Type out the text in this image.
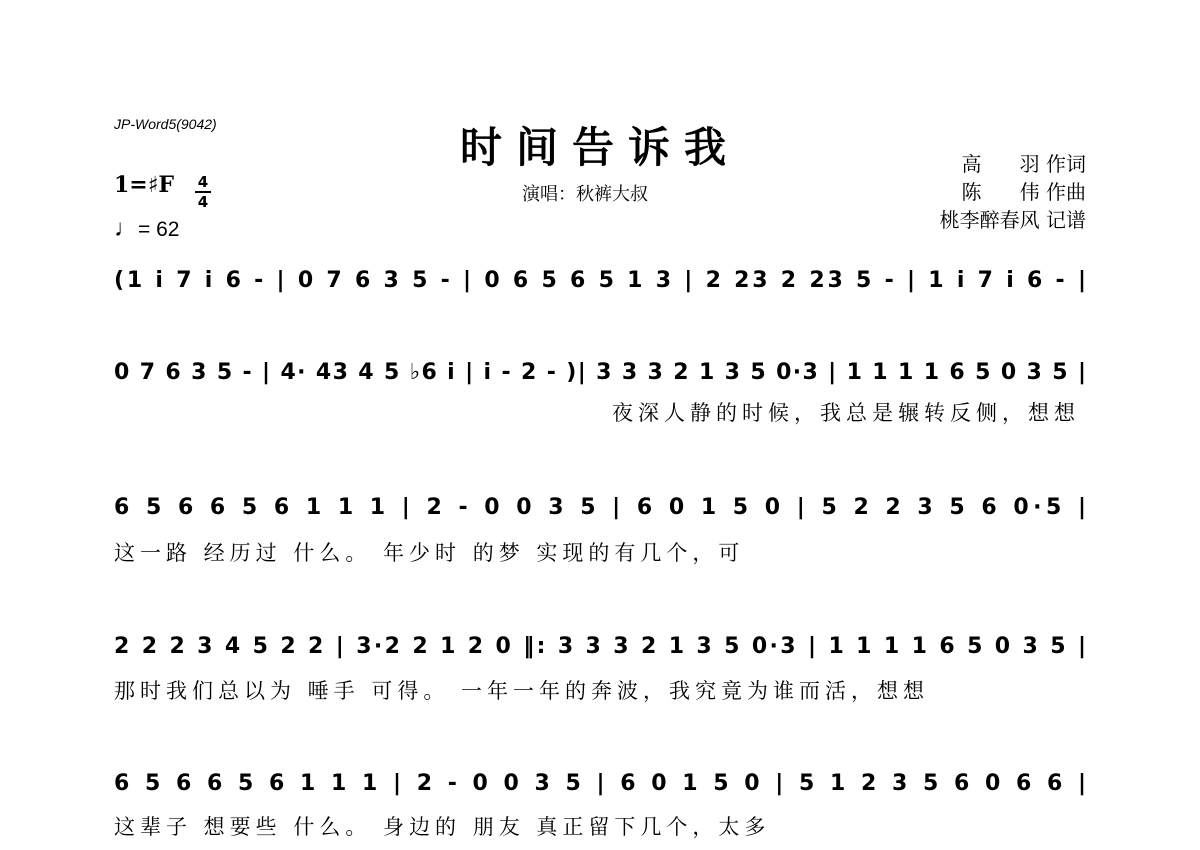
JP-Word5(9042)	时间告诉我
演唱：秋裤大叔
高      羽 作词
陈      伟 作曲
桃李醉春风 记谱
1=♯F 4
4
♩= 62
(1 i 7 i 6 - | 0 7 6 3 5 - | 0 6 5 6 5 1 3 | 2 23 2 23 5 - | 1 i 7 i 6 - |
0 7 6 3 5 - | 4· 43 4 5 ♭6 i | i - 2 - )| 3 3 3 2 1 3 5 0·3 | 1 1 1 1 6 5 0 3 5 |
夜深人静的时候，我总是辗转反侧，想想
6 5 6 6 5 6 1 1 1 | 2 - 0 0 3 5 | 6 0 1 5 0 | 5 2 2 3 5 6 0·5 |
这一路 经历过 什么。 年少时 的梦 实现的有几个，可
2 2 2 3 4 5 2 2 | 3·2 2 1 2 0 ‖: 3 3 3 2 1 3 5 0·3 | 1 1 1 1 6 5 0 3 5 |
那时我们总以为 唾手 可得。 一年一年的奔波，我究竟为谁而活，想想
6 5 6 6 5 6 1 1 1 | 2 - 0 0 3 5 | 6 0 1 5 0 | 5 1 2 3 5 6 0 6 6 |
这辈子 想要些 什么。 身边的 朋友 真正留下几个，太多
